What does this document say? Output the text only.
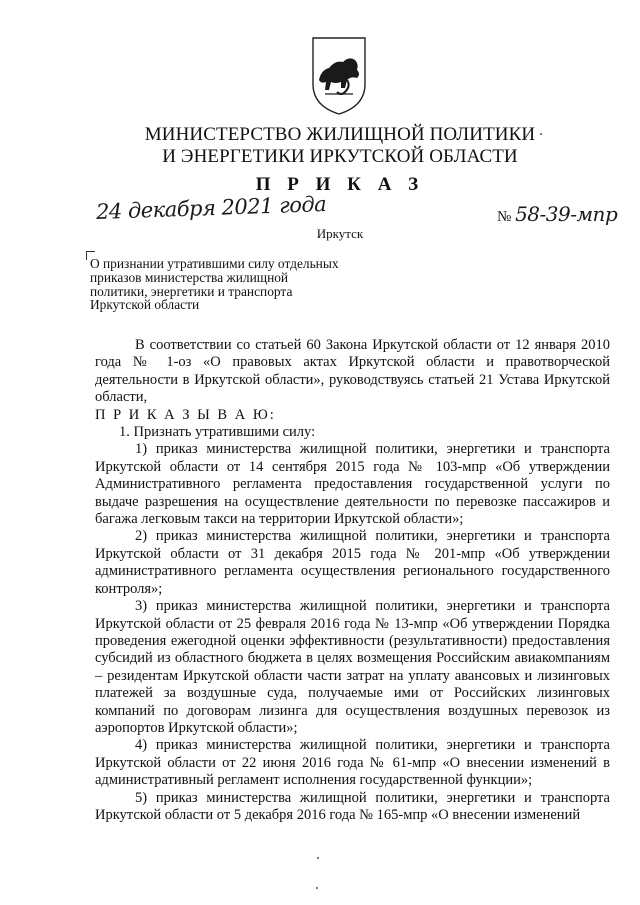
МИНИСТЕРСТВО ЖИЛИЩНОЙ ПОЛИТИКИ
И ЭНЕРГЕТИКИ ИРКУТСКОЙ ОБЛАСТИ
П Р И К А З
24 декабря 2021 года	№ 58-39-мпр
Иркутск
О признании утратившими силу отдельных приказов министерства жилищной политики, энергетики и транспорта Иркутской области

В соответствии со статьей 60 Закона Иркутской области от 12 января 2010 года № 1-оз «О правовых актах Иркутской области и правотворческой деятельности в Иркутской области», руководствуясь статьей 21 Устава Иркутской области,

П Р И К А З Ы В А Ю:

1. Признать утратившими силу:

1) приказ министерства жилищной политики, энергетики и транспорта Иркутской области от 14 сентября 2015 года № 103-мпр «Об утверждении Административного регламента предоставления государственной услуги по выдаче разрешения на осуществление деятельности по перевозке пассажиров и багажа легковым такси на территории Иркутской области»;

2) приказ министерства жилищной политики, энергетики и транспорта Иркутской области от 31 декабря 2015 года № 201-мпр «Об утверждении административного регламента осуществления регионального государственного контроля»;

3) приказ министерства жилищной политики, энергетики и транспорта Иркутской области от 25 февраля 2016 года № 13-мпр «Об утверждении Порядка проведения ежегодной оценки эффективности (результативности) предоставления субсидий из областного бюджета в целях возмещения Российским авиакомпаниям – резидентам Иркутской области части затрат на уплату авансовых и лизинговых платежей за воздушные суда, получаемые ими от Российских лизинговых компаний по договорам лизинга для осуществления воздушных перевозок из аэропортов Иркутской области»;

4) приказ министерства жилищной политики, энергетики и транспорта Иркутской области от 22 июня 2016 года № 61-мпр «О внесении изменений в административный регламент исполнения государственной функции»;

5) приказ министерства жилищной политики, энергетики и транспорта Иркутской области от 5 декабря 2016 года № 165-мпр «О внесении изменений
